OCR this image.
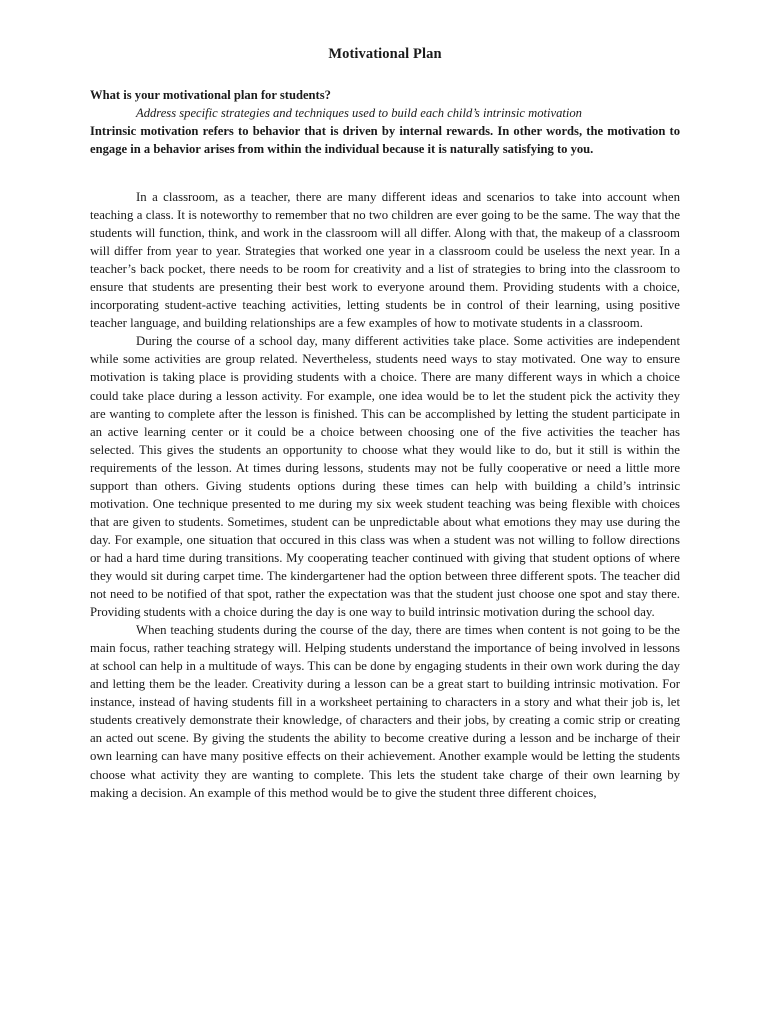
Motivational Plan
What is your motivational plan for students?
Address specific strategies and techniques used to build each child’s intrinsic motivation
Intrinsic motivation refers to behavior that is driven by internal rewards. In other words, the motivation to engage in a behavior arises from within the individual because it is naturally satisfying to you.

In a classroom, as a teacher, there are many different ideas and scenarios to take into account when teaching a class. It is noteworthy to remember that no two children are ever going to be the same. The way that the students will function, think, and work in the classroom will all differ. Along with that, the makeup of a classroom will differ from year to year. Strategies that worked one year in a classroom could be useless the next year. In a teacher’s back pocket, there needs to be room for creativity and a list of strategies to bring into the classroom to ensure that students are presenting their best work to everyone around them. Providing students with a choice, incorporating student-active teaching activities, letting students be in control of their learning, using positive teacher language, and building relationships are a few examples of how to motivate students in a classroom.

During the course of a school day, many different activities take place. Some activities are independent while some activities are group related. Nevertheless, students need ways to stay motivated. One way to ensure motivation is taking place is providing students with a choice. There are many different ways in which a choice could take place during a lesson activity. For example, one idea would be to let the student pick the activity they are wanting to complete after the lesson is finished. This can be accomplished by letting the student participate in an active learning center or it could be a choice between choosing one of the five activities the teacher has selected. This gives the students an opportunity to choose what they would like to do, but it still is within the requirements of the lesson. At times during lessons, students may not be fully cooperative or need a little more support than others. Giving students options during these times can help with building a child’s intrinsic motivation. One technique presented to me during my six week student teaching was being flexible with choices that are given to students. Sometimes, student can be unpredictable about what emotions they may use during the day. For example, one situation that occured in this class was when a student was not willing to follow directions or had a hard time during transitions. My cooperating teacher continued with giving that student options of where they would sit during carpet time. The kindergartener had the option between three different spots. The teacher did not need to be notified of that spot, rather the expectation was that the student just choose one spot and stay there. Providing students with a choice during the day is one way to build intrinsic motivation during the school day.

When teaching students during the course of the day, there are times when content is not going to be the main focus, rather teaching strategy will. Helping students understand the importance of being involved in lessons at school can help in a multitude of ways. This can be done by engaging students in their own work during the day and letting them be the leader. Creativity during a lesson can be a great start to building intrinsic motivation. For instance, instead of having students fill in a worksheet pertaining to characters in a story and what their job is, let students creatively demonstrate their knowledge, of characters and their jobs, by creating a comic strip or creating an acted out scene. By giving the students the ability to become creative during a lesson and be incharge of their own learning can have many positive effects on their achievement. Another example would be letting the students choose what activity they are wanting to complete. This lets the student take charge of their own learning by making a decision. An example of this method would be to give the student three different choices,
